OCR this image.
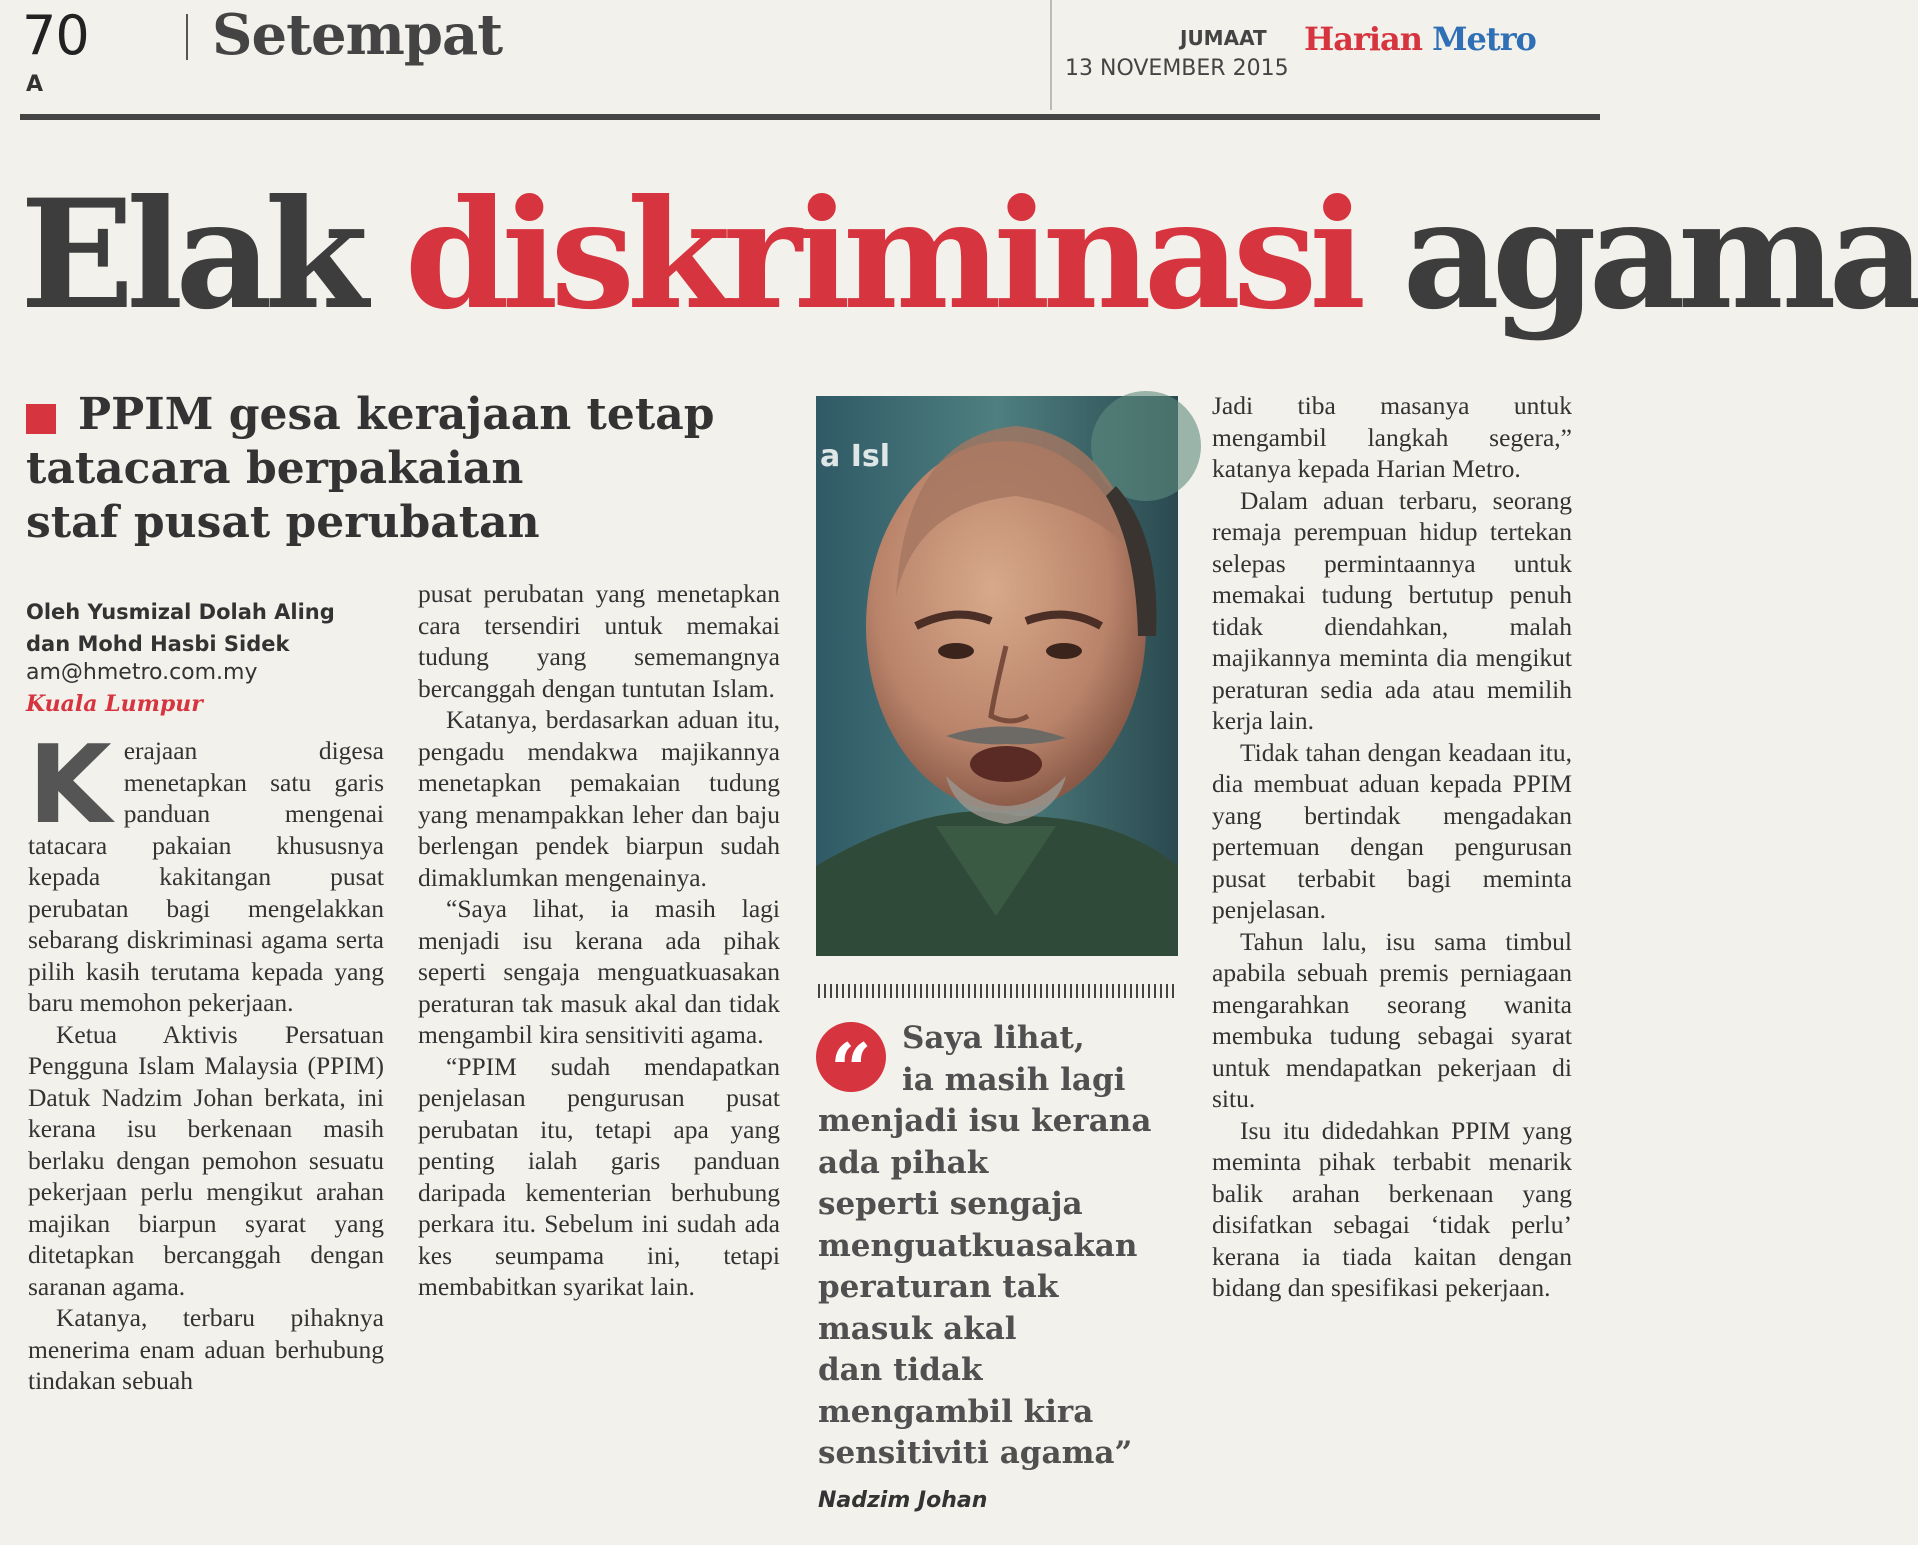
70
A
Setempat	JUMAAT
13 NOVEMBER 2015
Harian Metro
Elak diskriminasi agama
PPIM gesa kerajaan tetap
tatacara berpakaian
staf pusat perubatan
Oleh Yusmizal Dolah Aling
dan Mohd Hasbi Sidek
am@hmetro.com.my
Kuala Lumpur

Kerajaan digesa menetapkan satu garis panduan mengenai tatacara pakaian khususnya kepada kakitangan pusat perubatan bagi mengelakkan sebarang diskriminasi agama serta pilih kasih terutama kepada yang baru memohon pekerjaan.

Ketua Aktivis Persatuan Pengguna Islam Malaysia (PPIM) Datuk Nadzim Johan berkata, ini kerana isu berkenaan masih berlaku dengan pemohon sesuatu pekerjaan perlu mengikut arahan majikan biarpun syarat yang ditetapkan bercanggah dengan saranan agama.

Katanya, terbaru pihaknya menerima enam aduan berhubung tindakan sebuah

pusat perubatan yang menetapkan cara tersendiri untuk memakai tudung yang sememangnya bercanggah dengan tuntutan Islam.

Katanya, berdasarkan aduan itu, pengadu mendakwa majikannya menetapkan pemakaian tudung yang menampakkan leher dan baju berlengan pendek biarpun sudah dimaklumkan mengenainya.

“Saya lihat, ia masih lagi menjadi isu kerana ada pihak seperti sengaja menguatkuasakan peraturan tak masuk akal dan tidak mengambil kira sensitiviti agama.

“PPIM sudah mendapatkan penjelasan pengurusan pusat perubatan itu, tetapi apa yang penting ialah garis panduan daripada kementerian berhubung perkara itu. Sebelum ini sudah ada kes seumpama ini, tetapi membabitkan syarikat lain.

a Isl
“ Saya lihat,
ia masih lagi
menjadi isu kerana
ada pihak
seperti sengaja
menguatkuasakan
peraturan tak
masuk akal
dan tidak
mengambil kira
sensitiviti agama”
Nadzim Johan

Jadi tiba masanya untuk mengambil langkah segera,” katanya kepada Harian Metro.

Dalam aduan terbaru, seorang remaja perempuan hidup tertekan selepas permintaannya untuk memakai tudung bertutup penuh tidak diendahkan, malah majikannya meminta dia mengikut peraturan sedia ada atau memilih kerja lain.

Tidak tahan dengan keadaan itu, dia membuat aduan kepada PPIM yang bertindak mengadakan pertemuan dengan pengurusan pusat terbabit bagi meminta penjelasan.

Tahun lalu, isu sama timbul apabila sebuah premis perniagaan mengarahkan seorang wanita membuka tudung sebagai syarat untuk mendapatkan pekerjaan di situ.

Isu itu didedahkan PPIM yang meminta pihak terbabit menarik balik arahan berkenaan yang disifatkan sebagai ‘tidak perlu’ kerana ia tiada kaitan dengan bidang dan spesifikasi pekerjaan.
